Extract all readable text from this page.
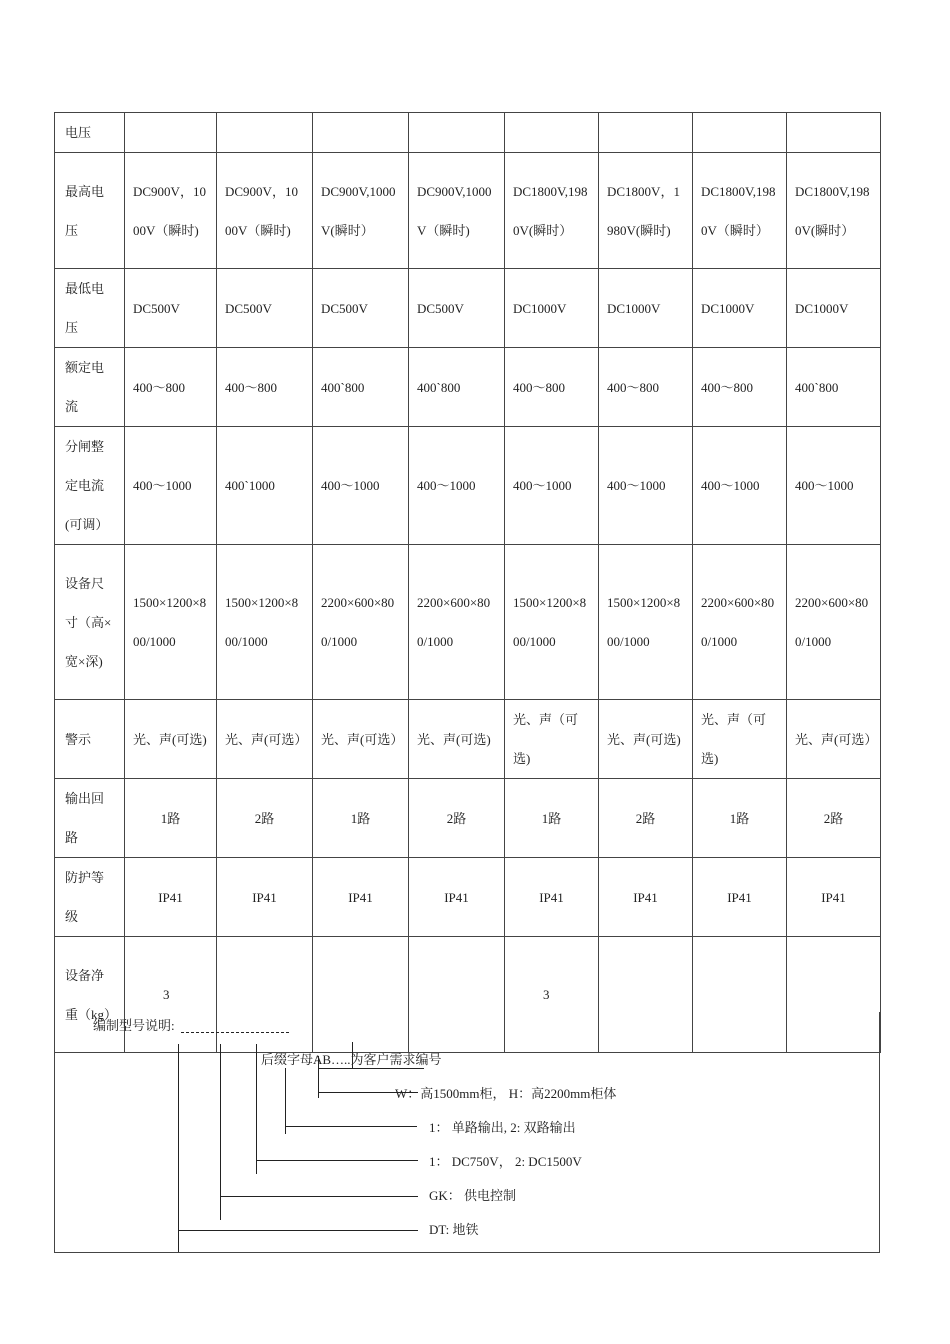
电压								
最高电压	DC900V，1000V（瞬时)	DC900V，1000V（瞬时)	DC900V,1000V(瞬时）	DC900V,1000V（瞬时)	DC1800V,1980V(瞬时）	DC1800V，1980V(瞬时)	DC1800V,1980V（瞬时）	DC1800V,1980V(瞬时）
最低电压	DC500V	DC500V	DC500V	DC500V	DC1000V	DC1000V	DC1000V	DC1000V
额定电流	400～800	400～800	400`800	400`800	400～800	400～800	400～800	400`800
分闸整定电流(可调）	400～1000	400`1000	400～1000	400～1000	400～1000	400～1000	400～1000	400～1000
设备尺寸（高×宽×深)	1500×1200×800/1000	1500×1200×800/1000	2200×600×800/1000	2200×600×800/1000	1500×1200×800/1000	1500×1200×800/1000	2200×600×800/1000	2200×600×800/1000
警示	光、声(可选)	光、声(可选）	光、声(可选）	光、声(可选)	光、声（可选)	光、声(可选)	光、声（可选)	光、声(可选）
输出回路	1路	2路	1路	2路	1路	2路	1路	2路
防护等级	IP41	IP41	IP41	IP41	IP41	IP41	IP41	IP41
设备净重（kg）	3				3			
编制型号说明:
后缀字母AB…..为客户需求编号
W：高1500mm柜， H：高2200mm柜体
1： 单路输出, 2: 双路输出
1： DC750V， 2: DC1500V
GK： 供电控制
DT: 地铁
